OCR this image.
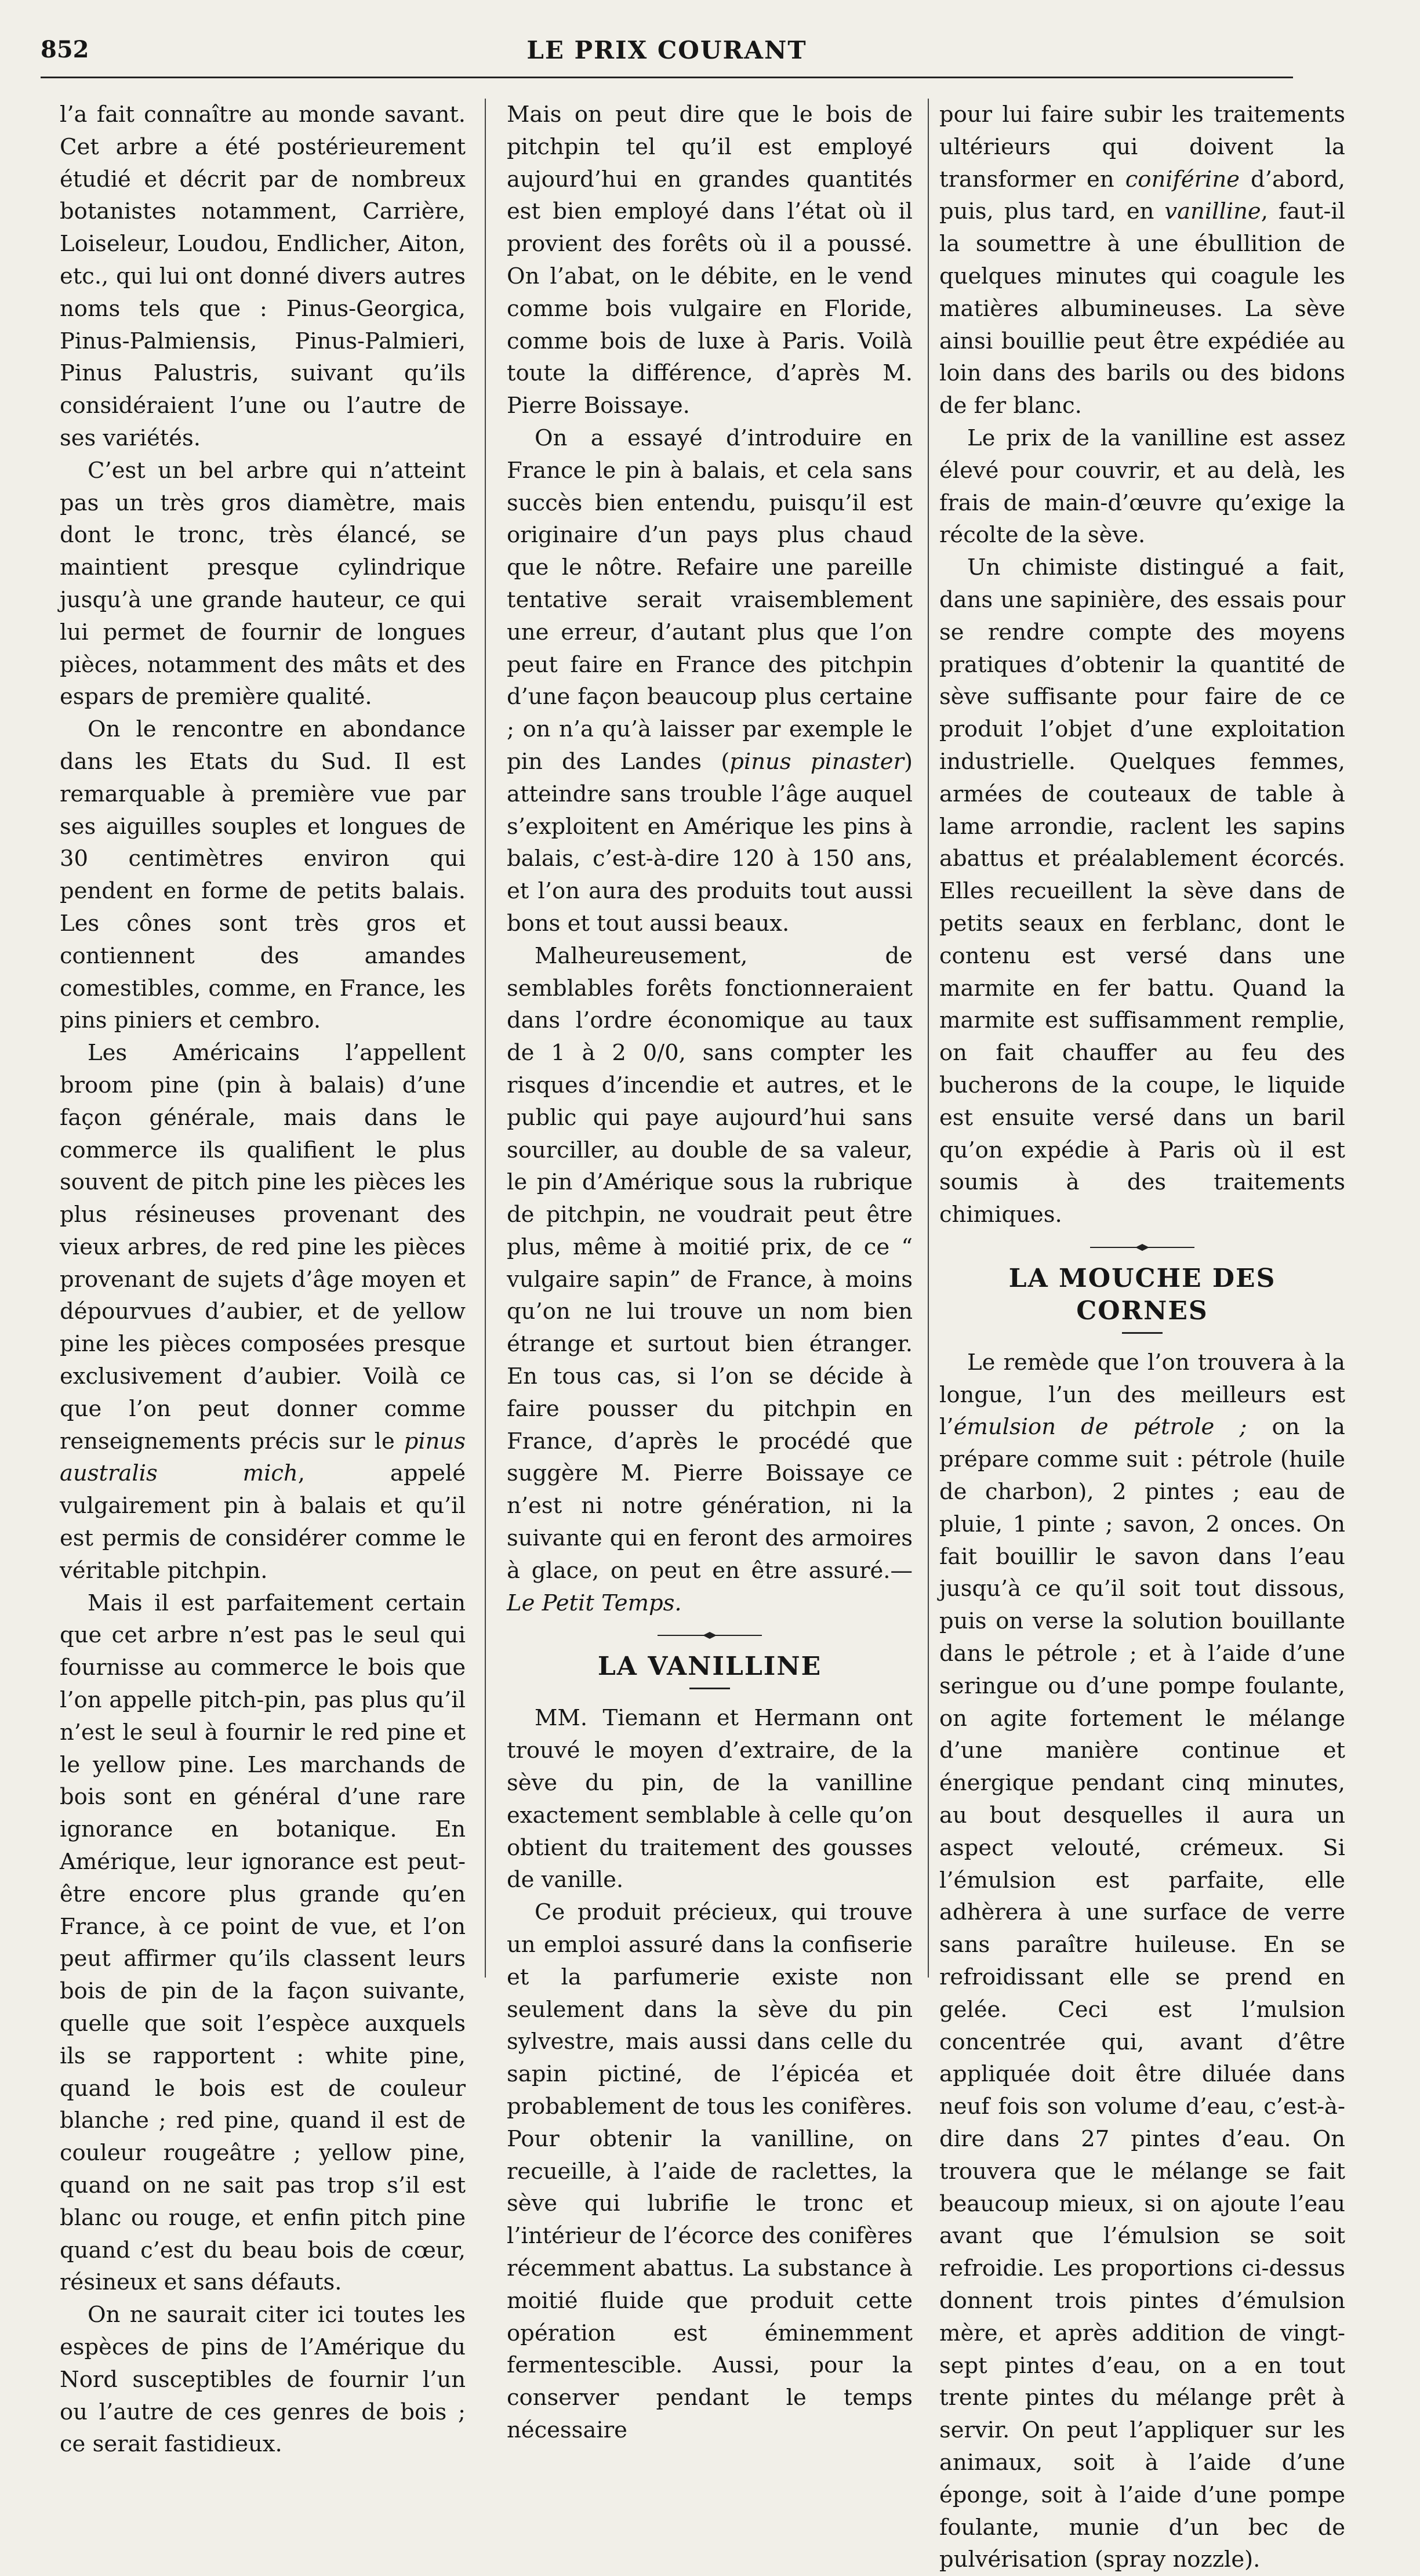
852	LE PRIX COURANT

l’a fait connaître au monde savant. Cet arbre a été postérieurement étudié et décrit par de nombreux botanistes notamment, Carrière, Loiseleur, Loudou, Endlicher, Aiton, etc., qui lui ont donné divers autres noms tels que : Pinus-Georgica, Pinus-Palmiensis, Pinus-Palmieri, Pinus Palustris, suivant qu’ils considéraient l’une ou l’autre de ses variétés.

C’est un bel arbre qui n’atteint pas un très gros diamètre, mais dont le tronc, très élancé, se maintient presque cylindrique jusqu’à une grande hauteur, ce qui lui permet de fournir de longues pièces, notamment des mâts et des espars de première qualité.

On le rencontre en abondance dans les Etats du Sud. Il est remarquable à première vue par ses aiguilles souples et longues de 30 centimètres environ qui pendent en forme de petits balais. Les cônes sont très gros et contiennent des amandes comestibles, comme, en France, les pins piniers et cembro.

Les Américains l’appellent broom pine (pin à balais) d’une façon générale, mais dans le commerce ils qualifient le plus souvent de pitch pine les pièces les plus résineuses provenant des vieux arbres, de red pine les pièces provenant de sujets d’âge moyen et dépourvues d’aubier, et de yellow pine les pièces composées presque exclusivement d’aubier. Voilà ce que l’on peut donner comme renseignements précis sur le pinus australis mich, appelé vulgairement pin à balais et qu’il est permis de considérer comme le véritable pitchpin.

Mais il est parfaitement certain que cet arbre n’est pas le seul qui fournisse au commerce le bois que l’on appelle pitch-pin, pas plus qu’il n’est le seul à fournir le red pine et le yellow pine. Les marchands de bois sont en général d’une rare ignorance en botanique. En Amérique, leur ignorance est peut-être encore plus grande qu’en France, à ce point de vue, et l’on peut affirmer qu’ils classent leurs bois de pin de la façon suivante, quelle que soit l’espèce auxquels ils se rapportent : white pine, quand le bois est de couleur blanche ; red pine, quand il est de couleur rougeâtre ; yellow pine, quand on ne sait pas trop s’il est blanc ou rouge, et enfin pitch pine quand c’est du beau bois de cœur, résineux et sans défauts.

On ne saurait citer ici toutes les espèces de pins de l’Amérique du Nord susceptibles de fournir l’un ou l’autre de ces genres de bois ; ce serait fastidieux.

Mais on peut dire que le bois de pitchpin tel qu’il est employé aujourd’hui en grandes quantités est bien employé dans l’état où il provient des forêts où il a poussé. On l’abat, on le débite, en le vend comme bois vulgaire en Floride, comme bois de luxe à Paris. Voilà toute la différence, d’après M. Pierre Boissaye.

On a essayé d’introduire en France le pin à balais, et cela sans succès bien entendu, puisqu’il est originaire d’un pays plus chaud que le nôtre. Refaire une pareille tentative serait vraisemblement une erreur, d’autant plus que l’on peut faire en France des pitchpin d’une façon beaucoup plus certaine ; on n’a qu’à laisser par exemple le pin des Landes (pinus pinaster) atteindre sans trouble l’âge auquel s’exploitent en Amérique les pins à balais, c’est-à-dire 120 à 150 ans, et l’on aura des produits tout aussi bons et tout aussi beaux.

Malheureusement, de semblables forêts fonctionneraient dans l’ordre économique au taux de 1 à 2 0/0, sans compter les risques d’incendie et autres, et le public qui paye aujourd’hui sans sourciller, au double de sa valeur, le pin d’Amérique sous la rubrique de pitchpin, ne voudrait peut être plus, même à moitié prix, de ce “ vulgaire sapin” de France, à moins qu’on ne lui trouve un nom bien étrange et surtout bien étranger. En tous cas, si l’on se décide à faire pousser du pitchpin en France, d’après le procédé que suggère M. Pierre Boissaye ce n’est ni notre génération, ni la suivante qui en feront des armoires à glace, on peut en être assuré.—Le Petit Temps.

LA VANILLINE

MM. Tiemann et Hermann ont trouvé le moyen d’extraire, de la sève du pin, de la vanilline exactement semblable à celle qu’on obtient du traitement des gousses de vanille.

Ce produit précieux, qui trouve un emploi assuré dans la confiserie et la parfumerie existe non seulement dans la sève du pin sylvestre, mais aussi dans celle du sapin pictiné, de l’épicéa et probablement de tous les conifères. Pour obtenir la vanilline, on recueille, à l’aide de raclettes, la sève qui lubrifie le tronc et l’intérieur de l’écorce des conifères récemment abattus. La substance à moitié fluide que produit cette opération est éminemment fermentescible. Aussi, pour la conserver pendant le temps nécessaire

pour lui faire subir les traitements ultérieurs qui doivent la transformer en coniférine d’abord, puis, plus tard, en vanilline, faut-il la soumettre à une ébullition de quelques minutes qui coagule les matières albumineuses. La sève ainsi bouillie peut être expédiée au loin dans des barils ou des bidons de fer blanc.

Le prix de la vanilline est assez élevé pour couvrir, et au delà, les frais de main-d’œuvre qu’exige la récolte de la sève.

Un chimiste distingué a fait, dans une sapinière, des essais pour se rendre compte des moyens pratiques d’obtenir la quantité de sève suffisante pour faire de ce produit l’objet d’une exploitation industrielle. Quelques femmes, armées de couteaux de table à lame arrondie, raclent les sapins abattus et préalablement écorcés. Elles recueillent la sève dans de petits seaux en ferblanc, dont le contenu est versé dans une marmite en fer battu. Quand la marmite est suffisamment remplie, on fait chauffer au feu des bucherons de la coupe, le liquide est ensuite versé dans un baril qu’on expédie à Paris où il est soumis à des traitements chimiques.

LA MOUCHE DES CORNES

Le remède que l’on trouvera à la longue, l’un des meilleurs est l’émulsion de pétrole ; on la prépare comme suit : pétrole (huile de charbon), 2 pintes ; eau de pluie, 1 pinte ; savon, 2 onces. On fait bouillir le savon dans l’eau jusqu’à ce qu’il soit tout dissous, puis on verse la solution bouillante dans le pétrole ; et à l’aide d’une seringue ou d’une pompe foulante, on agite fortement le mélange d’une manière continue et énergique pendant cinq minutes, au bout desquelles il aura un aspect velouté, crémeux. Si l’émulsion est parfaite, elle adhèrera à une surface de verre sans paraître huileuse. En se refroidissant elle se prend en gelée. Ceci est l’mulsion concentrée qui, avant d’être appliquée doit être diluée dans neuf fois son volume d’eau, c’est-à-dire dans 27 pintes d’eau. On trouvera que le mélange se fait beaucoup mieux, si on ajoute l’eau avant que l’émulsion se soit refroidie. Les proportions ci-dessus donnent trois pintes d’émulsion mère, et après addition de vingt-sept pintes d’eau, on a en tout trente pintes du mélange prêt à servir. On peut l’appliquer sur les animaux, soit à l’aide d’une éponge, soit à l’aide d’une pompe foulante, munie d’un bec de pulvérisation (spray nozzle).
